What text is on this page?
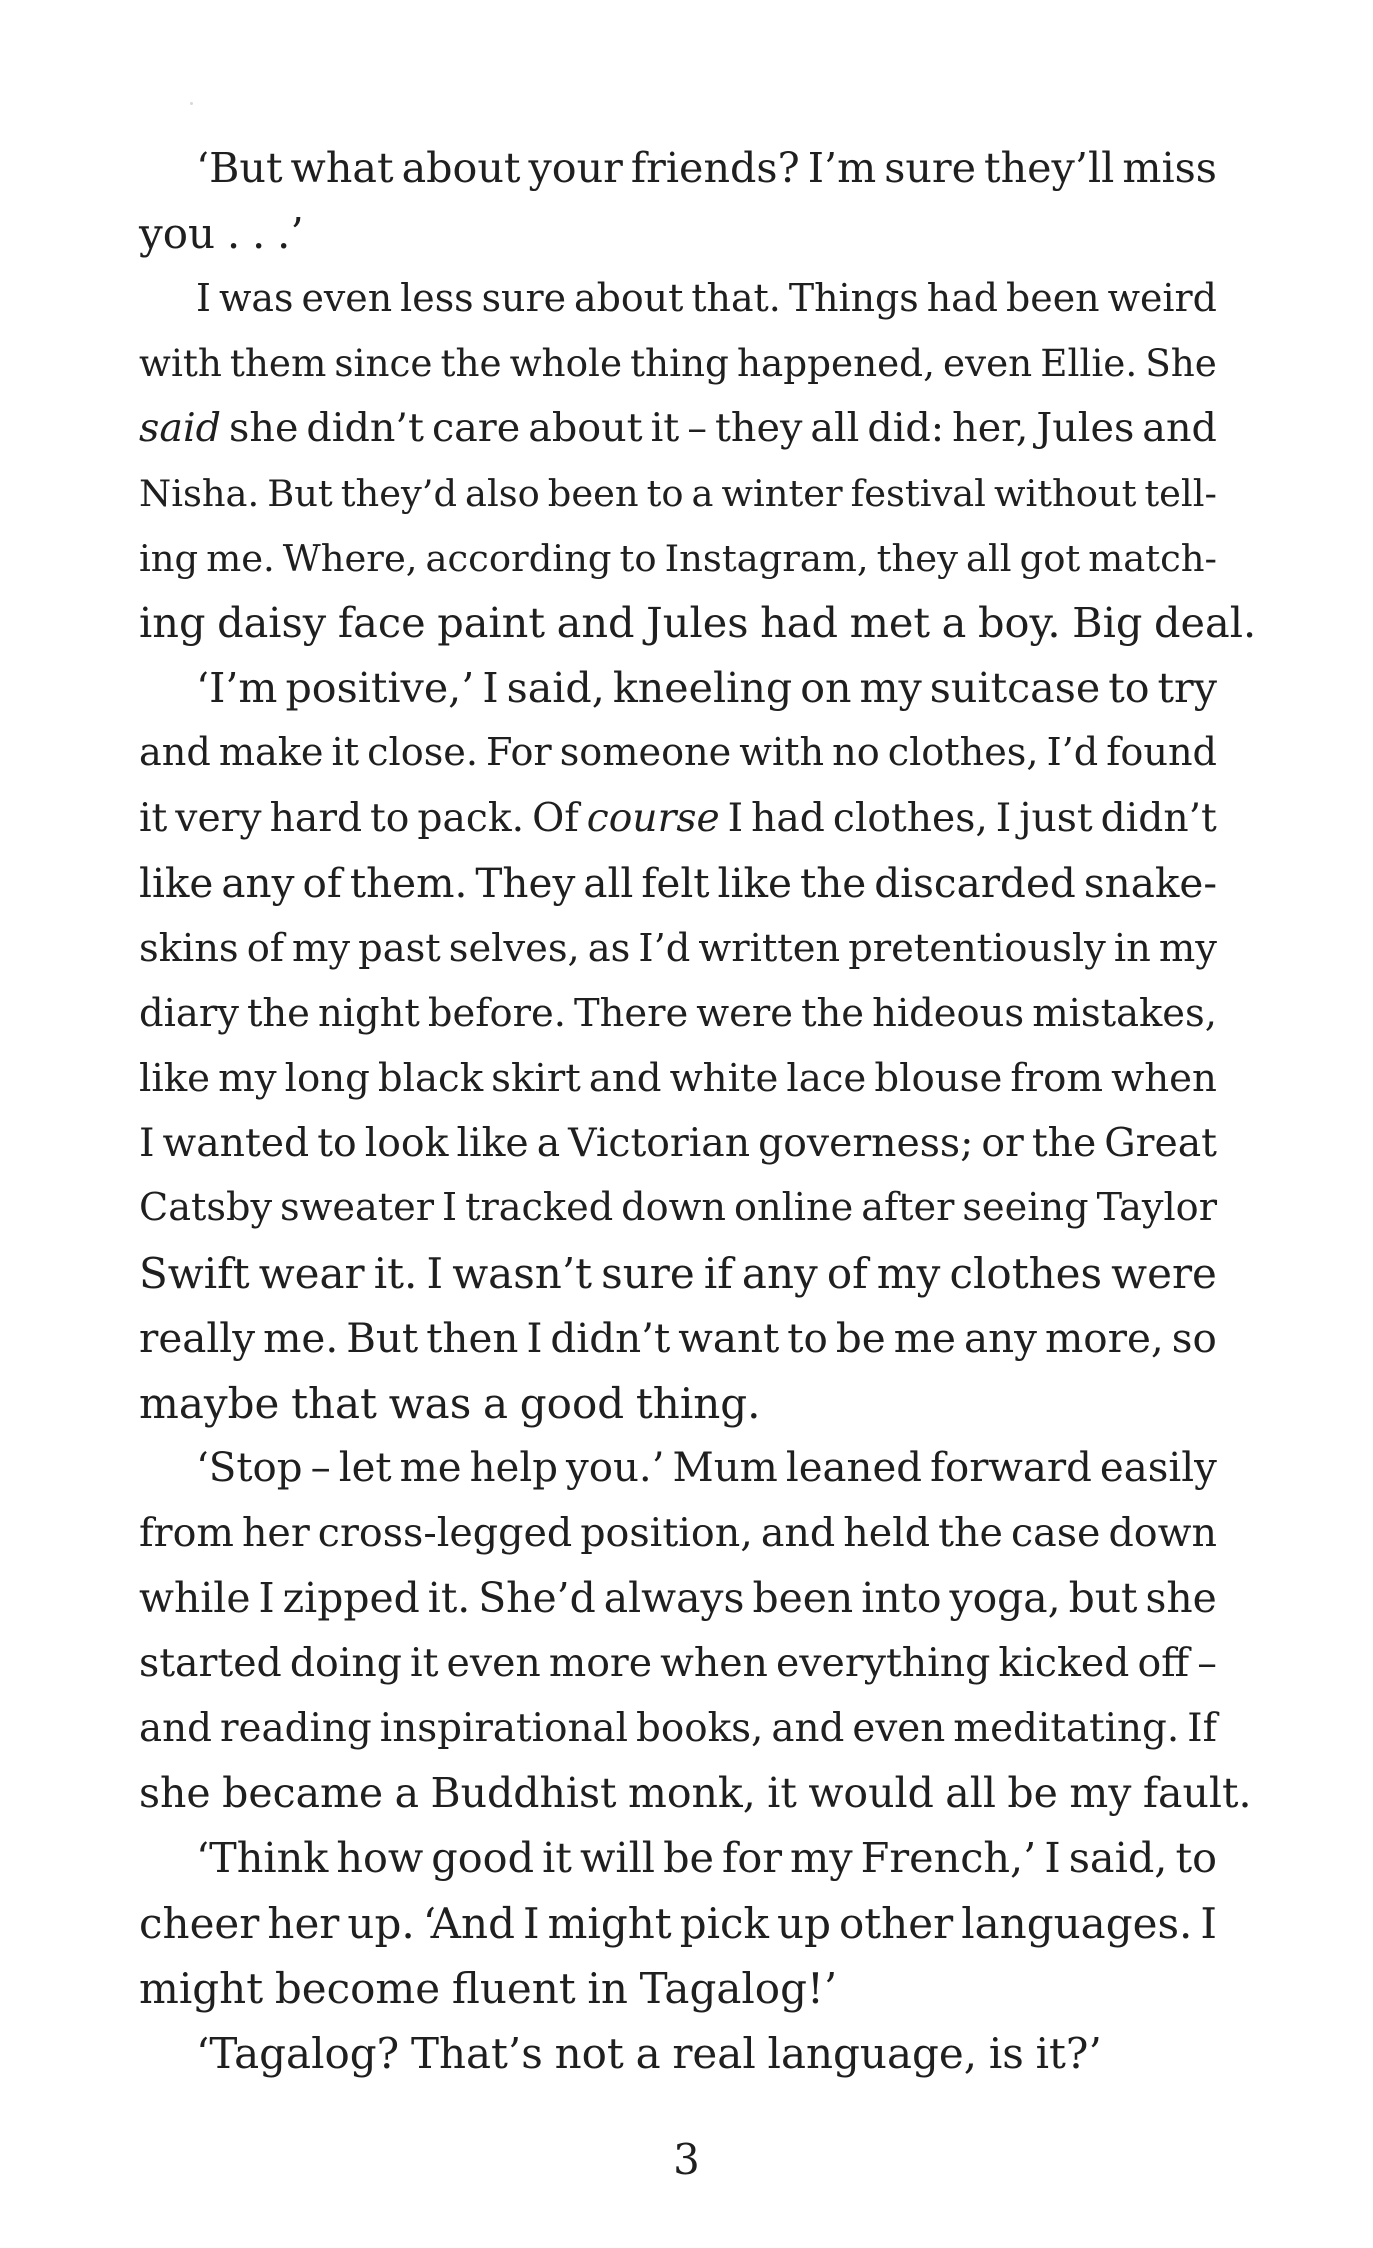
‘But what about your friends? I’m sure they’ll miss
you . . .’
I was even less sure about that. Things had been weird
with them since the whole thing happened, even Ellie. She
said she didn’t care about it – they all did: her, Jules and
Nisha. But they’d also been to a winter festival without tell-
ing me. Where, according to Instagram, they all got match-
ing daisy face paint and Jules had met a boy. Big deal.
‘I’m positive,’ I said, kneeling on my suitcase to try
and make it close. For someone with no clothes, I’d found
it very hard to pack. Of course I had clothes, I just didn’t
like any of them. They all felt like the discarded snake-
skins of my past selves, as I’d written pretentiously in my
diary the night before. There were the hideous mistakes,
like my long black skirt and white lace blouse from when
I wanted to look like a Victorian governess; or the Great
Catsby sweater I tracked down online after seeing Taylor
Swift wear it. I wasn’t sure if any of my clothes were
really me. But then I didn’t want to be me any more, so
maybe that was a good thing.
‘Stop – let me help you.’ Mum leaned forward easily
from her cross-legged position, and held the case down
while I zipped it. She’d always been into yoga, but she
started doing it even more when everything kicked off –
and reading inspirational books, and even meditating. If
she became a Buddhist monk, it would all be my fault.
‘Think how good it will be for my French,’ I said, to
cheer her up. ‘And I might pick up other languages. I
might become fluent in Tagalog!’
‘Tagalog? That’s not a real language, is it?’
3
